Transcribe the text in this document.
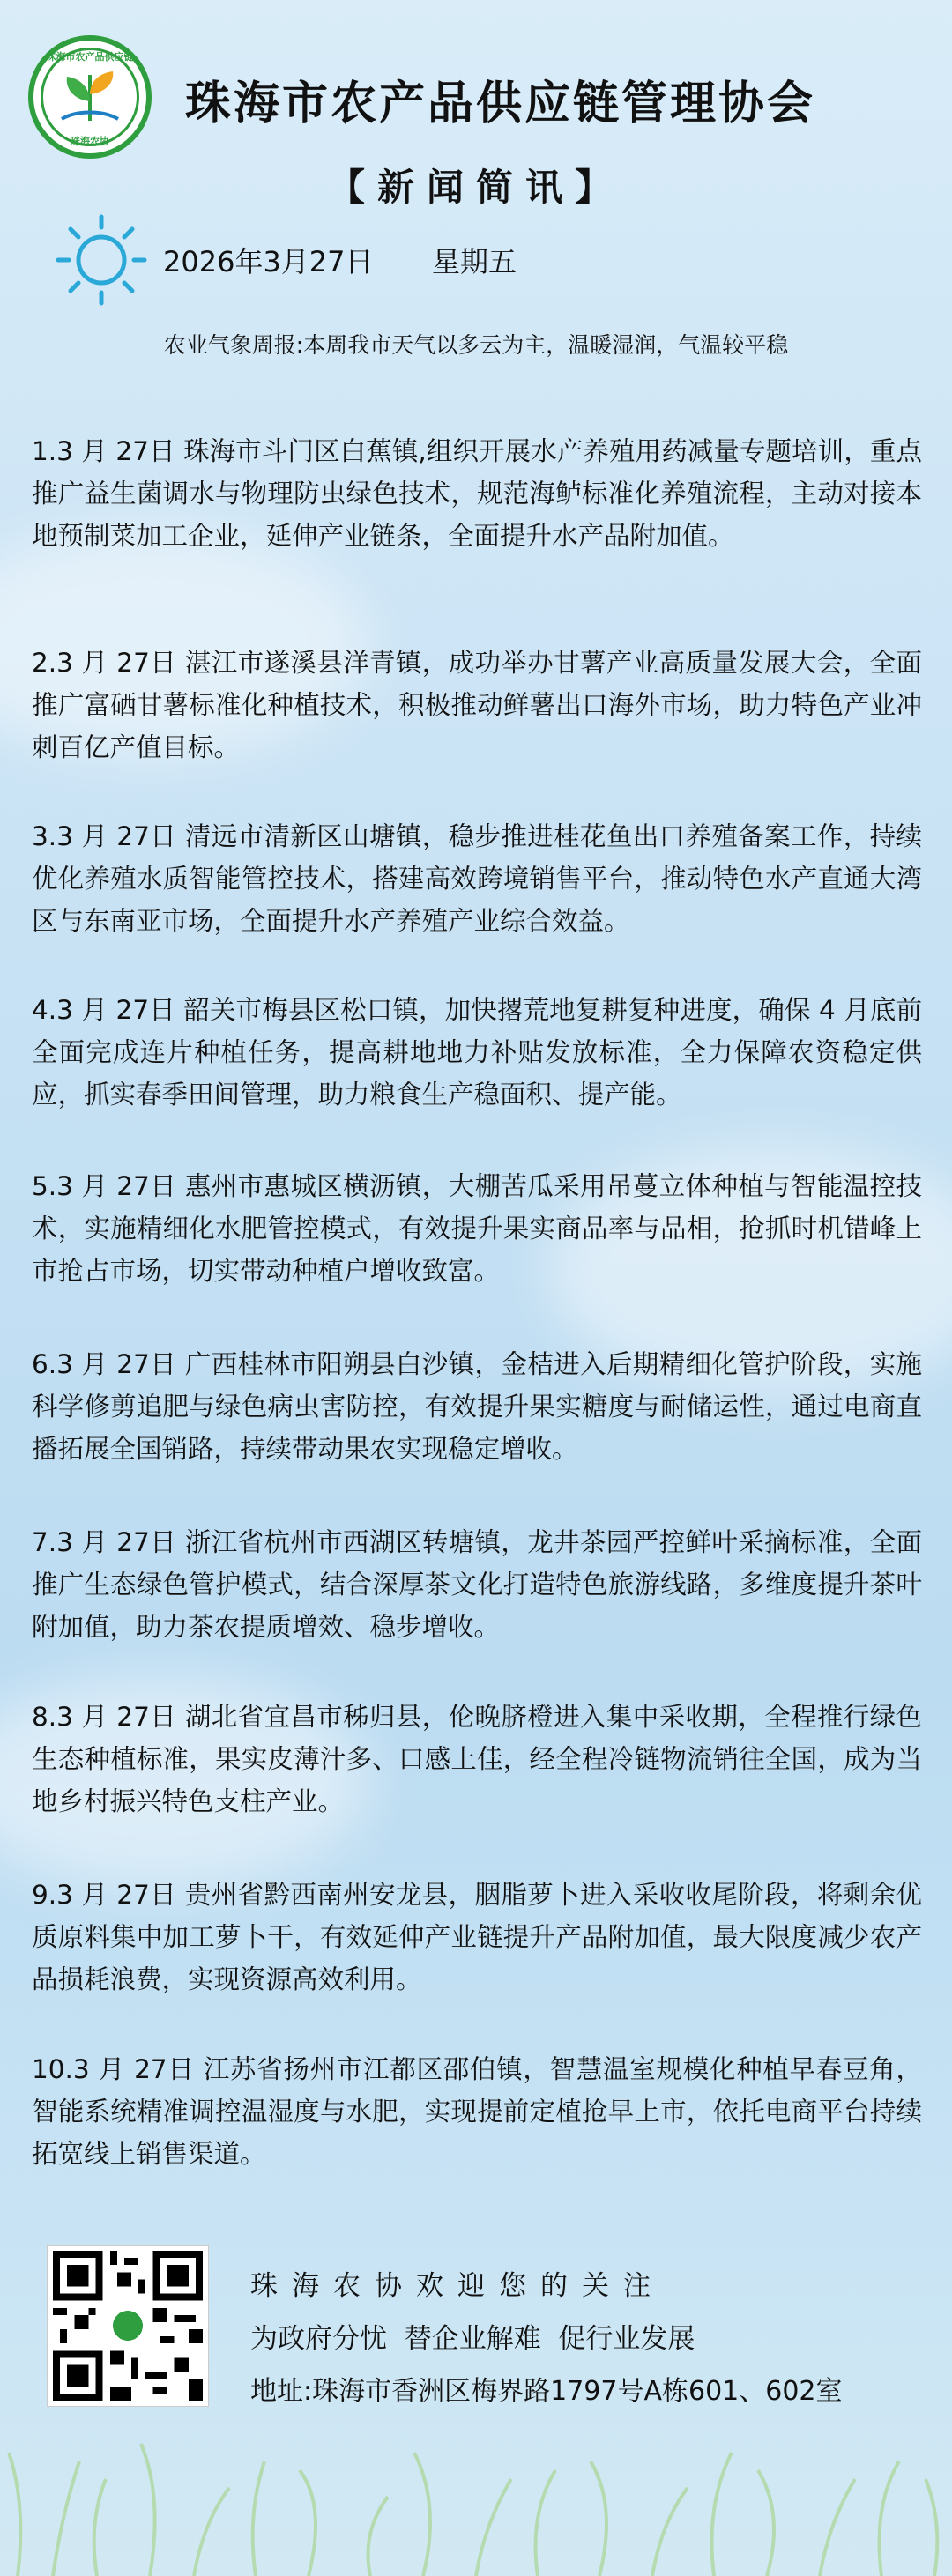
珠海市农产品供应链
珠海农协
珠海市农产品供应链管理协会
【新闻简讯】
2026年3月27日 星期五
农业气象周报:本周我市天气以多云为主，温暖湿润，气温较平稳
1.3 月 27日 珠海市斗门区白蕉镇,组织开展水产养殖用药减量专题培训，重点推广益生菌调水与物理防虫绿色技术，规范海鲈标准化养殖流程，主动对接本地预制菜加工企业，延伸产业链条，全面提升水产品附加值。
2.3 月 27日 湛江市遂溪县洋青镇，成功举办甘薯产业高质量发展大会，全面推广富硒甘薯标准化种植技术，积极推动鲜薯出口海外市场，助力特色产业冲刺百亿产值目标。
3.3 月 27日 清远市清新区山塘镇，稳步推进桂花鱼出口养殖备案工作，持续优化养殖水质智能管控技术，搭建高效跨境销售平台，推动特色水产直通大湾区与东南亚市场，全面提升水产养殖产业综合效益。
4.3 月 27日 韶关市梅县区松口镇，加快撂荒地复耕复种进度，确保 4 月底前全面完成连片种植任务，提高耕地地力补贴发放标准，全力保障农资稳定供应，抓实春季田间管理，助力粮食生产稳面积、提产能。
5.3 月 27日 惠州市惠城区横沥镇，大棚苦瓜采用吊蔓立体种植与智能温控技术，实施精细化水肥管控模式，有效提升果实商品率与品相，抢抓时机错峰上市抢占市场，切实带动种植户增收致富。
6.3 月 27日 广西桂林市阳朔县白沙镇，金桔进入后期精细化管护阶段，实施科学修剪追肥与绿色病虫害防控，有效提升果实糖度与耐储运性，通过电商直播拓展全国销路，持续带动果农实现稳定增收。
7.3 月 27日 浙江省杭州市西湖区转塘镇，龙井茶园严控鲜叶采摘标准，全面推广生态绿色管护模式，结合深厚茶文化打造特色旅游线路，多维度提升茶叶附加值，助力茶农提质增效、稳步增收。
8.3 月 27日 湖北省宜昌市秭归县，伦晚脐橙进入集中采收期，全程推行绿色生态种植标准，果实皮薄汁多、口感上佳，经全程冷链物流销往全国，成为当地乡村振兴特色支柱产业。
9.3 月 27日 贵州省黔西南州安龙县，胭脂萝卜进入采收收尾阶段，将剩余优质原料集中加工萝卜干，有效延伸产业链提升产品附加值，最大限度减少农产品损耗浪费，实现资源高效利用。
10.3 月 27日 江苏省扬州市江都区邵伯镇，智慧温室规模化种植早春豆角，智能系统精准调控温湿度与水肥，实现提前定植抢早上市，依托电商平台持续拓宽线上销售渠道。
珠海农协欢迎您的关注
为政府分忧  替企业解难  促行业发展
地址:珠海市香洲区梅界路1797号A栋601、602室
